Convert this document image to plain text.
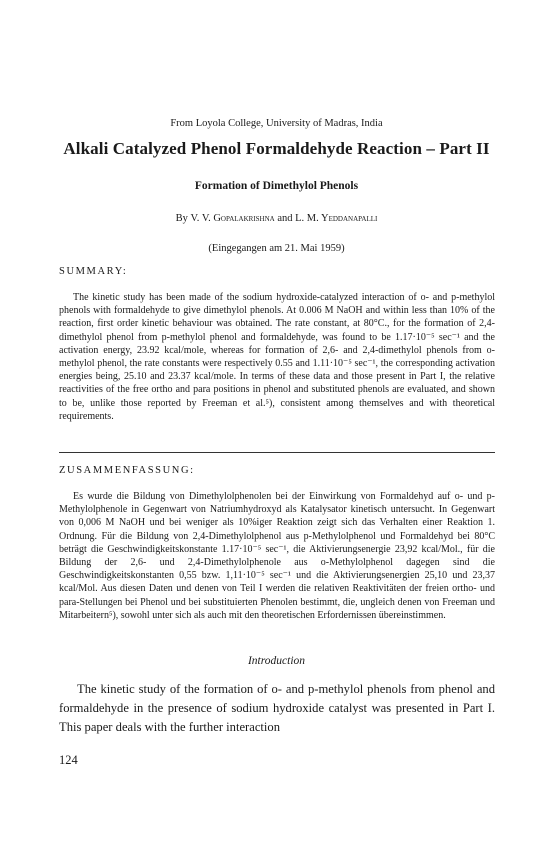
From Loyola College, University of Madras, India
Alkali Catalyzed Phenol Formaldehyde Reaction – Part II
Formation of Dimethylol Phenols
By V. V. Gopalakrishna and L. M. Yeddanapalli
(Eingegangen am 21. Mai 1959)
SUMMARY:
The kinetic study has been made of the sodium hydroxide-catalyzed interaction of o- and p-methylol phenols with formaldehyde to give dimethylol phenols. At 0.006 M NaOH and within less than 10% of the reaction, first order kinetic behaviour was obtained. The rate constant, at 80°C., for the formation of 2,4-dimethylol phenol from p-methylol phenol and formaldehyde, was found to be 1.17·10⁻⁵ sec⁻¹ and the activation energy, 23.92 kcal/mole, whereas for formation of 2,6- and 2,4-dimethylol phenols from o-methylol phenol, the rate constants were respectively 0.55 and 1.11·10⁻⁵ sec⁻¹, the corresponding activation energies being, 25.10 and 23.37 kcal/mole. In terms of these data and those present in Part I, the relative reactivities of the free ortho and para positions in phenol and substituted phenols are evaluated, and shown to be, unlike those reported by Freeman et al.⁵), consistent among themselves and with theoretical requirements.
ZUSAMMENFASSUNG:
Es wurde die Bildung von Dimethylolphenolen bei der Einwirkung von Formaldehyd auf o- und p-Methylolphenole in Gegenwart von Natriumhydroxyd als Katalysator kinetisch untersucht. In Gegenwart von 0,006 M NaOH und bei weniger als 10%iger Reaktion zeigt sich das Verhalten einer Reaktion 1. Ordnung. Für die Bildung von 2,4-Dimethylolphenol aus p-Methylolphenol und Formaldehyd bei 80°C beträgt die Geschwindigkeitskonstante 1.17·10⁻⁵ sec⁻¹, die Aktivierungsenergie 23,92 kcal/Mol., für die Bildung der 2,6- und 2,4-Dimethylolphenole aus o-Methylolphenol dagegen sind die Geschwindigkeitskonstanten 0,55 bzw. 1,11·10⁻⁵ sec⁻¹ und die Aktivierungsenergien 25,10 und 23,37 kcal/Mol. Aus diesen Daten und denen von Teil I werden die relativen Reaktivitäten der freien ortho- und para-Stellungen bei Phenol und bei substituierten Phenolen bestimmt, die, ungleich denen von Freeman und Mitarbeitern⁵), sowohl unter sich als auch mit den theoretischen Erfordernissen übereinstimmen.
Introduction
The kinetic study of the formation of o- and p-methylol phenols from phenol and formaldehyde in the presence of sodium hydroxide catalyst was presented in Part I. This paper deals with the further interaction
124
